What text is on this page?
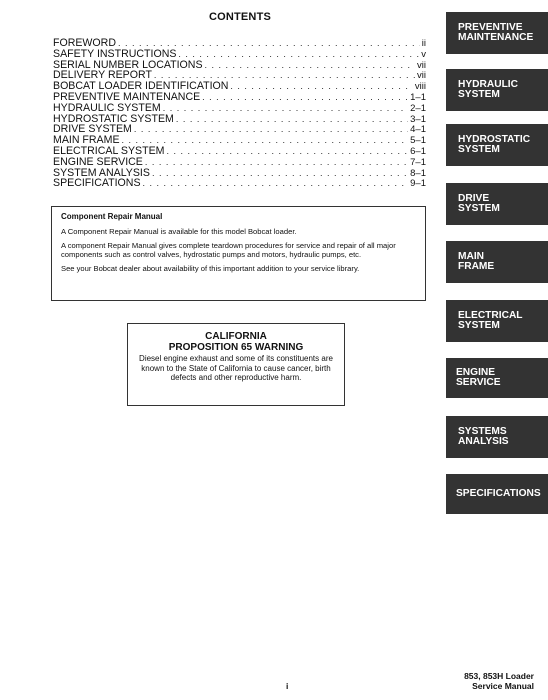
CONTENTS
FOREWORD . . .	ii
SAFETY INSTRUCTIONS . . .	v
SERIAL NUMBER LOCATIONS . . .	vii
DELIVERY REPORT . . .	vii
BOBCAT LOADER IDENTIFICATION . . .	viii
PREVENTIVE MAINTENANCE . . .	1–1
HYDRAULIC SYSTEM . . .	2–1
HYDROSTATIC SYSTEM . . .	3–1
DRIVE SYSTEM . . .	4–1
MAIN FRAME . . .	5–1
ELECTRICAL SYSTEM . . .	6–1
ENGINE SERVICE . . .	7–1
SYSTEM ANALYSIS . . .	8–1
SPECIFICATIONS . . .	9–1

Component Repair Manual

A Component Repair Manual is available for this model Bobcat loader.

A component Repair Manual gives complete teardown procedures for service and repair of all major components such as control valves, hydrostatic pumps and motors, hydraulic pumps, etc.

See your Bobcat dealer about availability of this important addition to your service library.

CALIFORNIA
PROPOSITION 65 WARNING
Diesel engine exhaust and some of its constituents are known to the State of California to cause cancer, birth defects and other reproductive harm.
PREVENTIVE
MAINTENANCE
HYDRAULIC
SYSTEM
HYDROSTATIC
SYSTEM
DRIVE
SYSTEM
MAIN
FRAME
ELECTRICAL
SYSTEM
ENGINE
SERVICE
SYSTEMS
ANALYSIS
SPECIFICATIONS
i
853, 853H Loader
Service Manual
